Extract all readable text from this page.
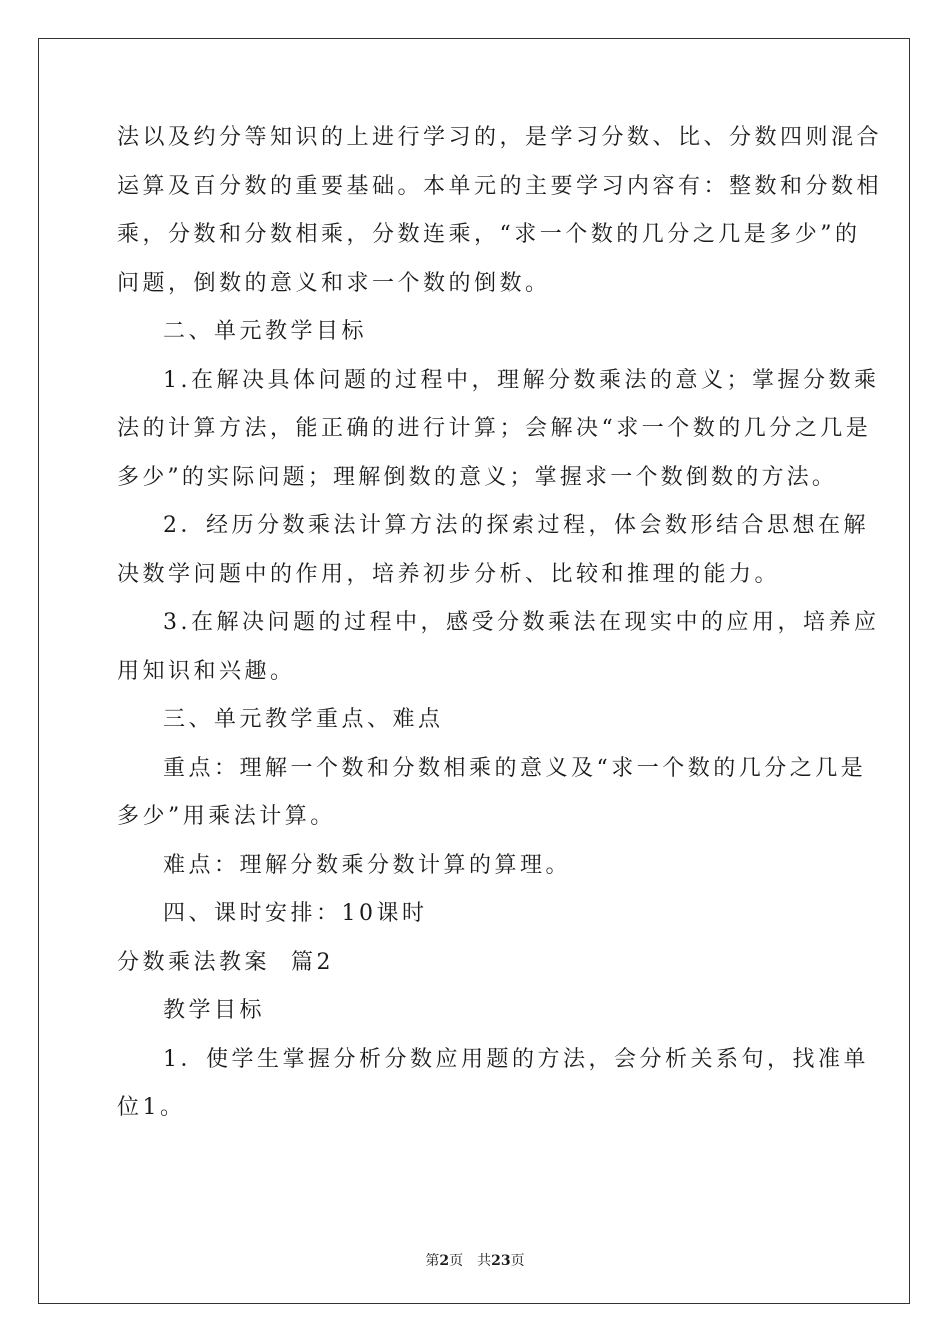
法以及约分等知识的上进行学习的，是学习分数、比、分数四则混合
运算及百分数的重要基础。本单元的主要学习内容有：整数和分数相
乘，分数和分数相乘，分数连乘，“求一个数的几分之几是多少”的
问题，倒数的意义和求一个数的倒数。
二、单元教学目标
1.在解决具体问题的过程中，理解分数乘法的意义；掌握分数乘
法的计算方法，能正确的进行计算；会解决“求一个数的几分之几是
多少”的实际问题；理解倒数的意义；掌握求一个数倒数的方法。
2．经历分数乘法计算方法的探索过程，体会数形结合思想在解
决数学问题中的作用，培养初步分析、比较和推理的能力。
3.在解决问题的过程中，感受分数乘法在现实中的应用，培养应
用知识和兴趣。
三、单元教学重点、难点
重点：理解一个数和分数相乘的意义及“求一个数的几分之几是
多少”用乘法计算。
难点：理解分数乘分数计算的算理。
四、课时安排：10课时
分数乘法教案  篇2
教学目标
1．使学生掌握分析分数应用题的方法，会分析关系句，找准单
位1。
第2页　共23页
